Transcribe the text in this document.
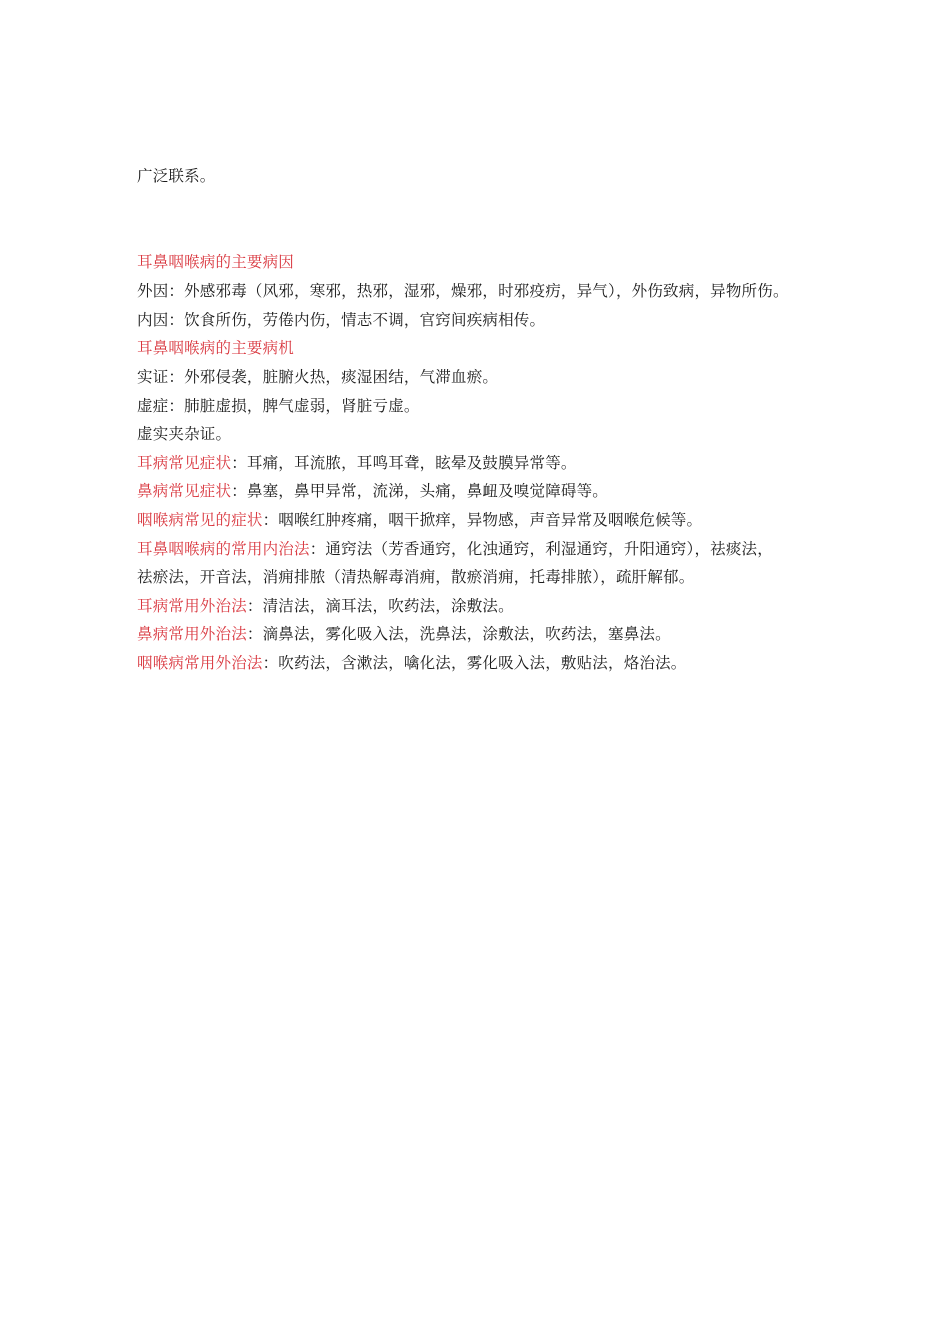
广泛联系。
耳鼻咽喉病的主要病因
外因：外感邪毒（风邪，寒邪，热邪，湿邪，燥邪，时邪疫疠，异气），外伤致病，异物所伤。
内因：饮食所伤，劳倦内伤，情志不调，官窍间疾病相传。
耳鼻咽喉病的主要病机
实证：外邪侵袭，脏腑火热，痰湿困结，气滞血瘀。
虚症：肺脏虚损，脾气虚弱，肾脏亏虚。
虚实夹杂证。
耳病常见症状：耳痛，耳流脓，耳鸣耳聋，眩晕及鼓膜异常等。
鼻病常见症状：鼻塞，鼻甲异常，流涕，头痛，鼻衄及嗅觉障碍等。
咽喉病常见的症状：咽喉红肿疼痛，咽干掀痒，异物感，声音异常及咽喉危候等。
耳鼻咽喉病的常用内治法：通窍法（芳香通窍，化浊通窍，利湿通窍，升阳通窍），祛痰法，
祛瘀法，开音法，消痈排脓（清热解毒消痈，散瘀消痈，托毒排脓），疏肝解郁。
耳病常用外治法：清洁法，滴耳法，吹药法，涂敷法。
鼻病常用外治法：滴鼻法，雾化吸入法，洗鼻法，涂敷法，吹药法，塞鼻法。
咽喉病常用外治法：吹药法，含漱法，噙化法，雾化吸入法，敷贴法，烙治法。
